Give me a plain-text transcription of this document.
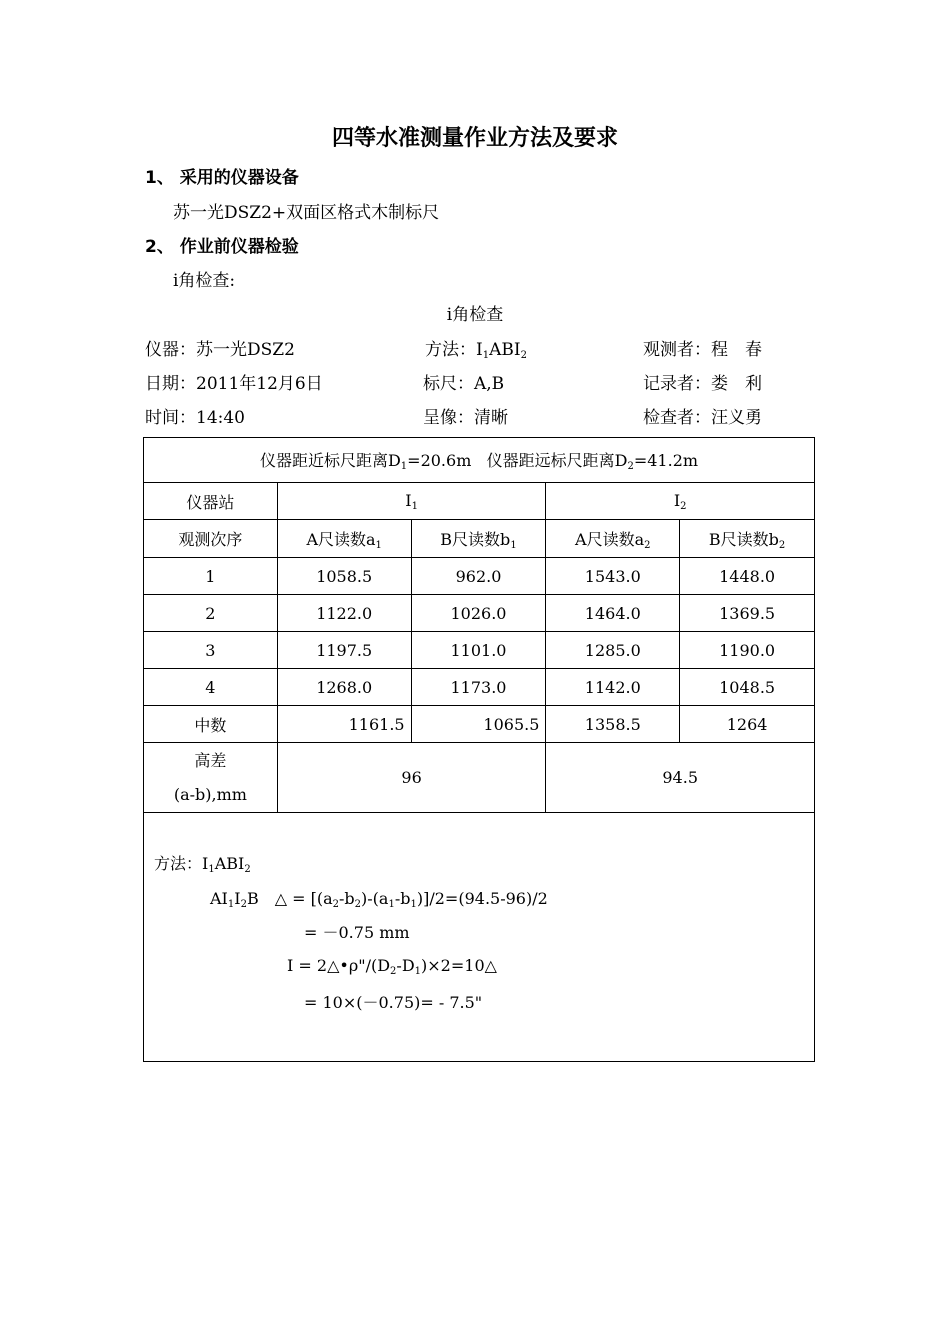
四等水准测量作业方法及要求
1、 采用的仪器设备
苏一光DSZ2+双面区格式木制标尺
2、 作业前仪器检验
i角检查:
i角检查
仪器：苏一光DSZ2	方法：$I_1ABI_2$	观测者：程　春
日期：2011年12月6日	标尺：A,B	记录者：娄　利
时间：14:40	呈像：清晰	检查者：汪义勇
仪器距近标尺距离$D_1=20.6m$ 仪器距远标尺距离$D_2=41.2m$				
仪器站	$I_1$		$I_2$
观测次序	A尺读数$a_1$	B尺读数$b_1$	A尺读数$a_2$	B尺读数$b_2$
1	1058.5	962.0	1543.0	1448.0
2	1122.0	1026.0	1464.0	1369.5
3	1197.5	1101.0	1285.0	1190.0
4	1268.0	1173.0	1142.0	1048.5
中数	1161.5	1065.5	1358.5	1264
高差
(a-b),mm	96		94.5	
方法：$I_1ABI_2$
$AI_1I_2B$　△ = $[(a_2-b_2)-(a_1-b_1)]/2=(94.5-96)/2$
= －0.75 mm
$I = 2\triangle•\rho"/(D_2-D_1)\times 2=10\triangle$
= 10×(－0.75)= - 7.5"
